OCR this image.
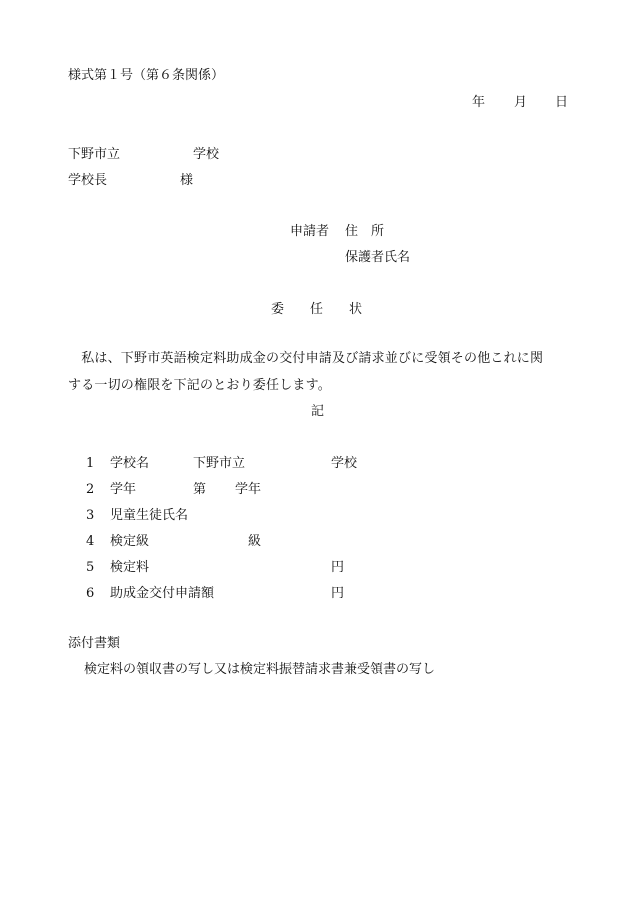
様式第１号（第６条関係）
年 月 日
下野市立	学校
学校長	様
申請者 住　所
保護者氏名
委　　任　　状
　私は、下野市英語検定料助成金の交付申請及び請求並びに受領その他これに関
する一切の権限を下記のとおり委任します。
記
1 学校名	下野市立	学校
2 学年	第 学年
3 児童生徒氏名
4 検定級	級
5 検定料	円
6 助成金交付申請額	円
添付書類
検定料の領収書の写し又は検定料振替請求書兼受領書の写し
